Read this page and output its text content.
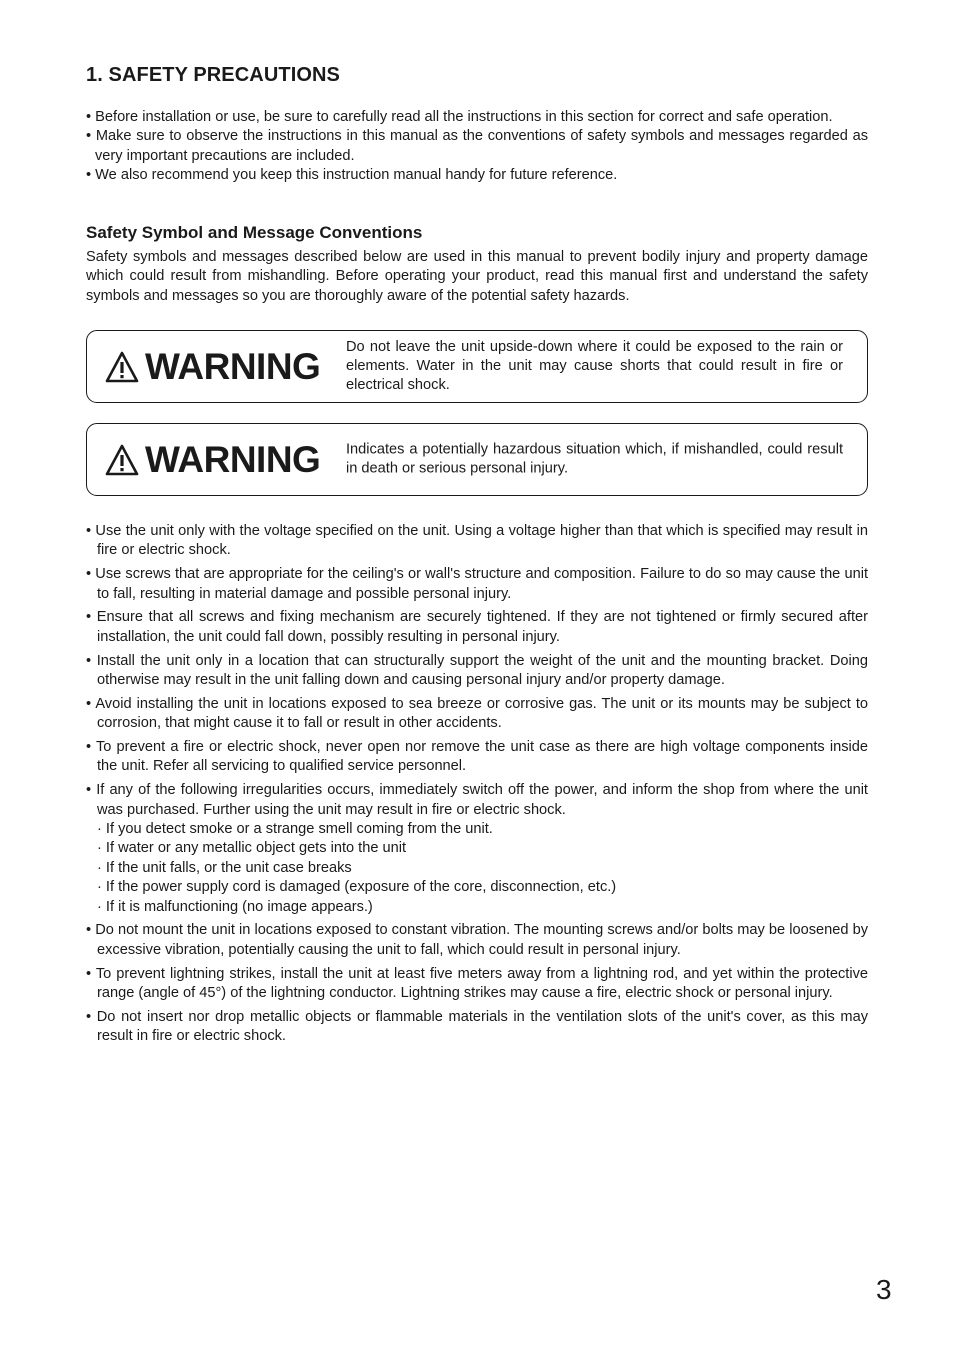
1. SAFETY PRECAUTIONS
• Before installation or use, be sure to carefully read all the instructions in this section for correct and safe operation.
• Make sure to observe the instructions in this manual as the conventions of safety symbols and messages regarded as very important precautions are included.
• We also recommend you keep this instruction manual handy for future reference.
Safety Symbol and Message Conventions
Safety symbols and messages described below are used in this manual to prevent bodily injury and property damage which could result from mishandling. Before operating your product, read this manual first and understand the safety symbols and messages so you are thoroughly aware of the potential safety hazards.
WARNING Do not leave the unit upside-down where it could be exposed to the rain or elements. Water in the unit may cause shorts that could result in fire or electrical shock.
WARNING Indicates a potentially hazardous situation which, if mishandled, could result in death or serious personal injury.
• Use the unit only with the voltage specified on the unit. Using a voltage higher than that which is specified may result in fire or electric shock.
• Use screws that are appropriate for the ceiling's or wall's structure and composition. Failure to do so may cause the unit to fall, resulting in material damage and possible personal injury.
• Ensure that all screws and fixing mechanism are securely tightened. If they are not tightened or firmly secured after installation, the unit could fall down, possibly resulting in personal injury.
• Install the unit only in a location that can structurally support the weight of the unit and the mounting bracket. Doing otherwise may result in the unit falling down and causing personal injury and/or property damage.
• Avoid installing the unit in locations exposed to sea breeze or corrosive gas. The unit or its mounts may be subject to corrosion, that might cause it to fall or result in other accidents.
• To prevent a fire or electric shock, never open nor remove the unit case as there are high voltage components inside the unit. Refer all servicing to qualified service personnel.
• If any of the following irregularities occurs, immediately switch off the power, and inform the shop from where the unit was purchased. Further using the unit may result in fire or electric shock.
· If you detect smoke or a strange smell coming from the unit.
· If water or any metallic object gets into the unit
· If the unit falls, or the unit case breaks
· If the power supply cord is damaged (exposure of the core, disconnection, etc.)
· If it is malfunctioning (no image appears.)
• Do not mount the unit in locations exposed to constant vibration. The mounting screws and/or bolts may be loosened by excessive vibration, potentially causing the unit to fall, which could result in personal injury.
• To prevent lightning strikes, install the unit at least five meters away from a lightning rod, and yet within the protective range (angle of 45°) of the lightning conductor. Lightning strikes may cause a fire, electric shock or personal injury.
• Do not insert nor drop metallic objects or flammable materials in the ventilation slots of the unit's cover, as this may result in fire or electric shock.
3
